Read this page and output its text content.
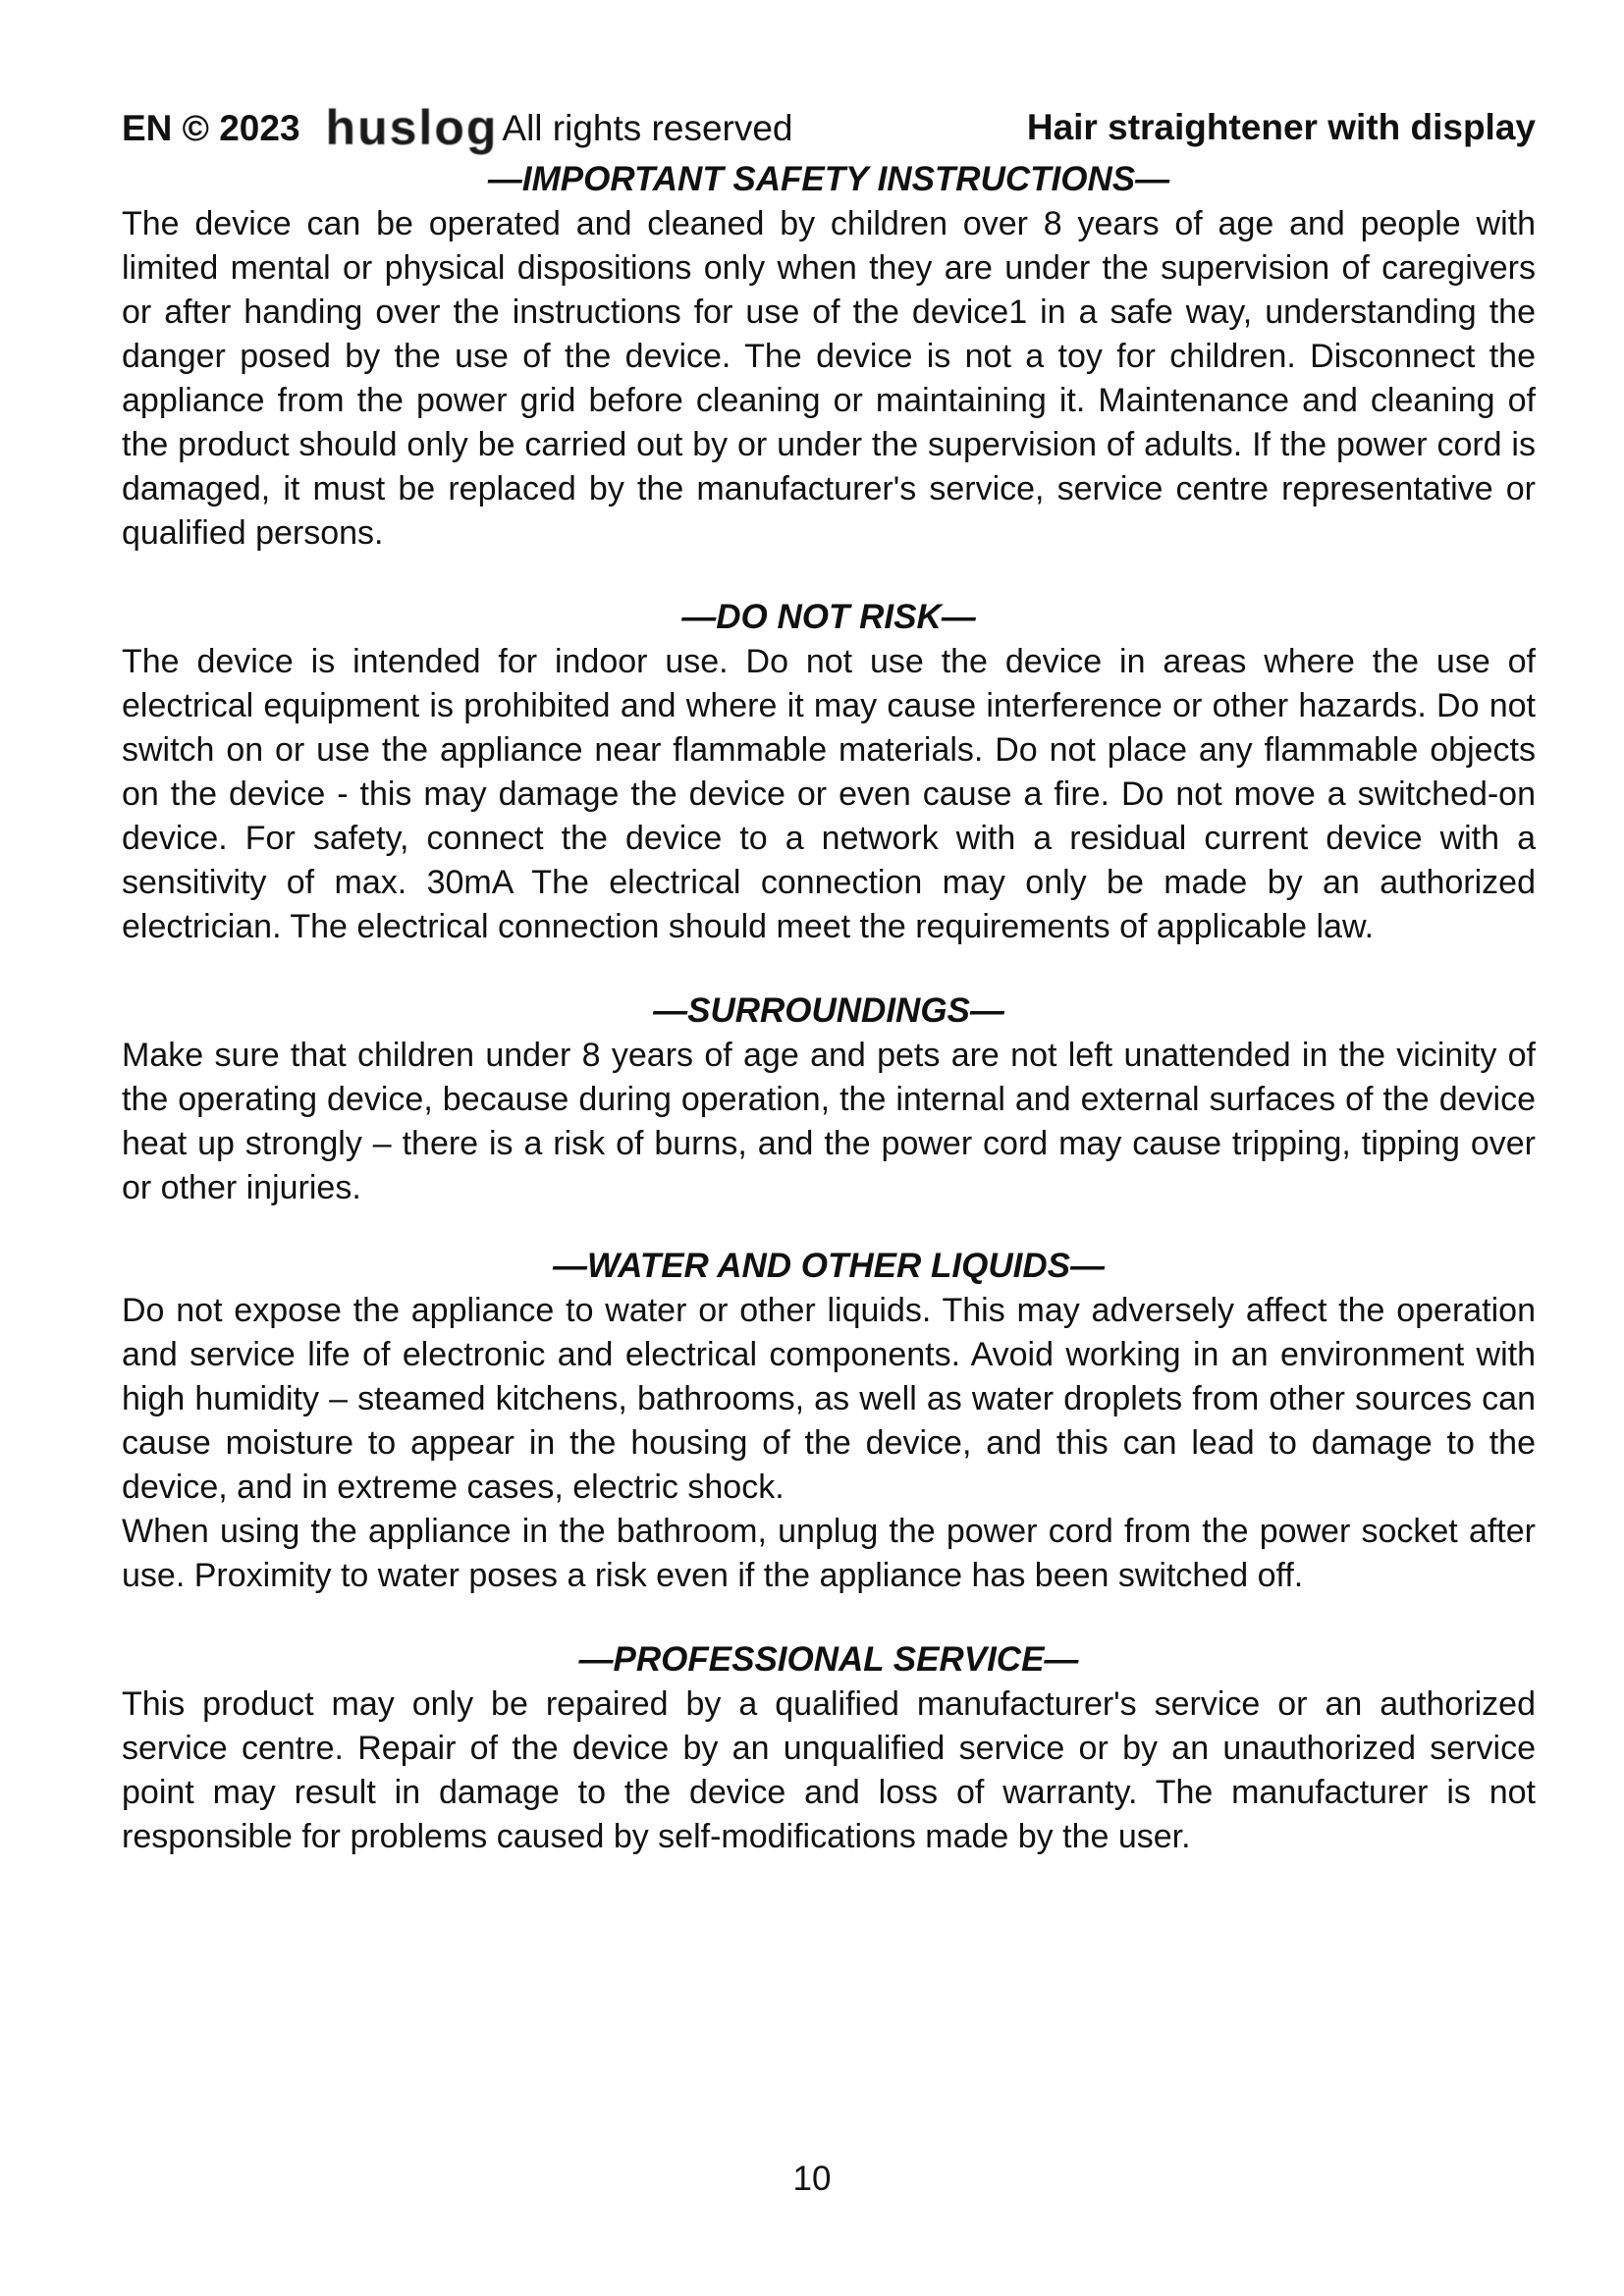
EN © 2023 huslog All rights reserved	Hair straightener with display
—IMPORTANT SAFETY INSTRUCTIONS—

The device can be operated and cleaned by children over 8 years of age and people with limited mental or physical dispositions only when they are under the supervision of caregivers or after handing over the instructions for use of the device1 in a safe way, understanding the danger posed by the use of the device. The device is not a toy for children. Disconnect the appliance from the power grid before cleaning or maintaining it. Maintenance and cleaning of the product should only be carried out by or under the supervision of adults. If the power cord is damaged, it must be replaced by the manufacturer's service, service centre representative or qualified persons.

—DO NOT RISK—

The device is intended for indoor use. Do not use the device in areas where the use of electrical equipment is prohibited and where it may cause interference or other hazards. Do not switch on or use the appliance near flammable materials. Do not place any flammable objects on the device - this may damage the device or even cause a fire. Do not move a switched-on device. For safety, connect the device to a network with a residual current device with a sensitivity of max. 30mA The electrical connection may only be made by an authorized electrician. The electrical connection should meet the requirements of applicable law.

—SURROUNDINGS—

Make sure that children under 8 years of age and pets are not left unattended in the vicinity of the operating device, because during operation, the internal and external surfaces of the device heat up strongly – there is a risk of burns, and the power cord may cause tripping, tipping over or other injuries.

—WATER AND OTHER LIQUIDS—

Do not expose the appliance to water or other liquids. This may adversely affect the operation and service life of electronic and electrical components. Avoid working in an environment with high humidity – steamed kitchens, bathrooms, as well as water droplets from other sources can cause moisture to appear in the housing of the device, and this can lead to damage to the device, and in extreme cases, electric shock.

When using the appliance in the bathroom, unplug the power cord from the power socket after use. Proximity to water poses a risk even if the appliance has been switched off.

—PROFESSIONAL SERVICE—

This product may only be repaired by a qualified manufacturer's service or an authorized service centre. Repair of the device by an unqualified service or by an unauthorized service point may result in damage to the device and loss of warranty. The manufacturer is not responsible for problems caused by self-modifications made by the user.

10
